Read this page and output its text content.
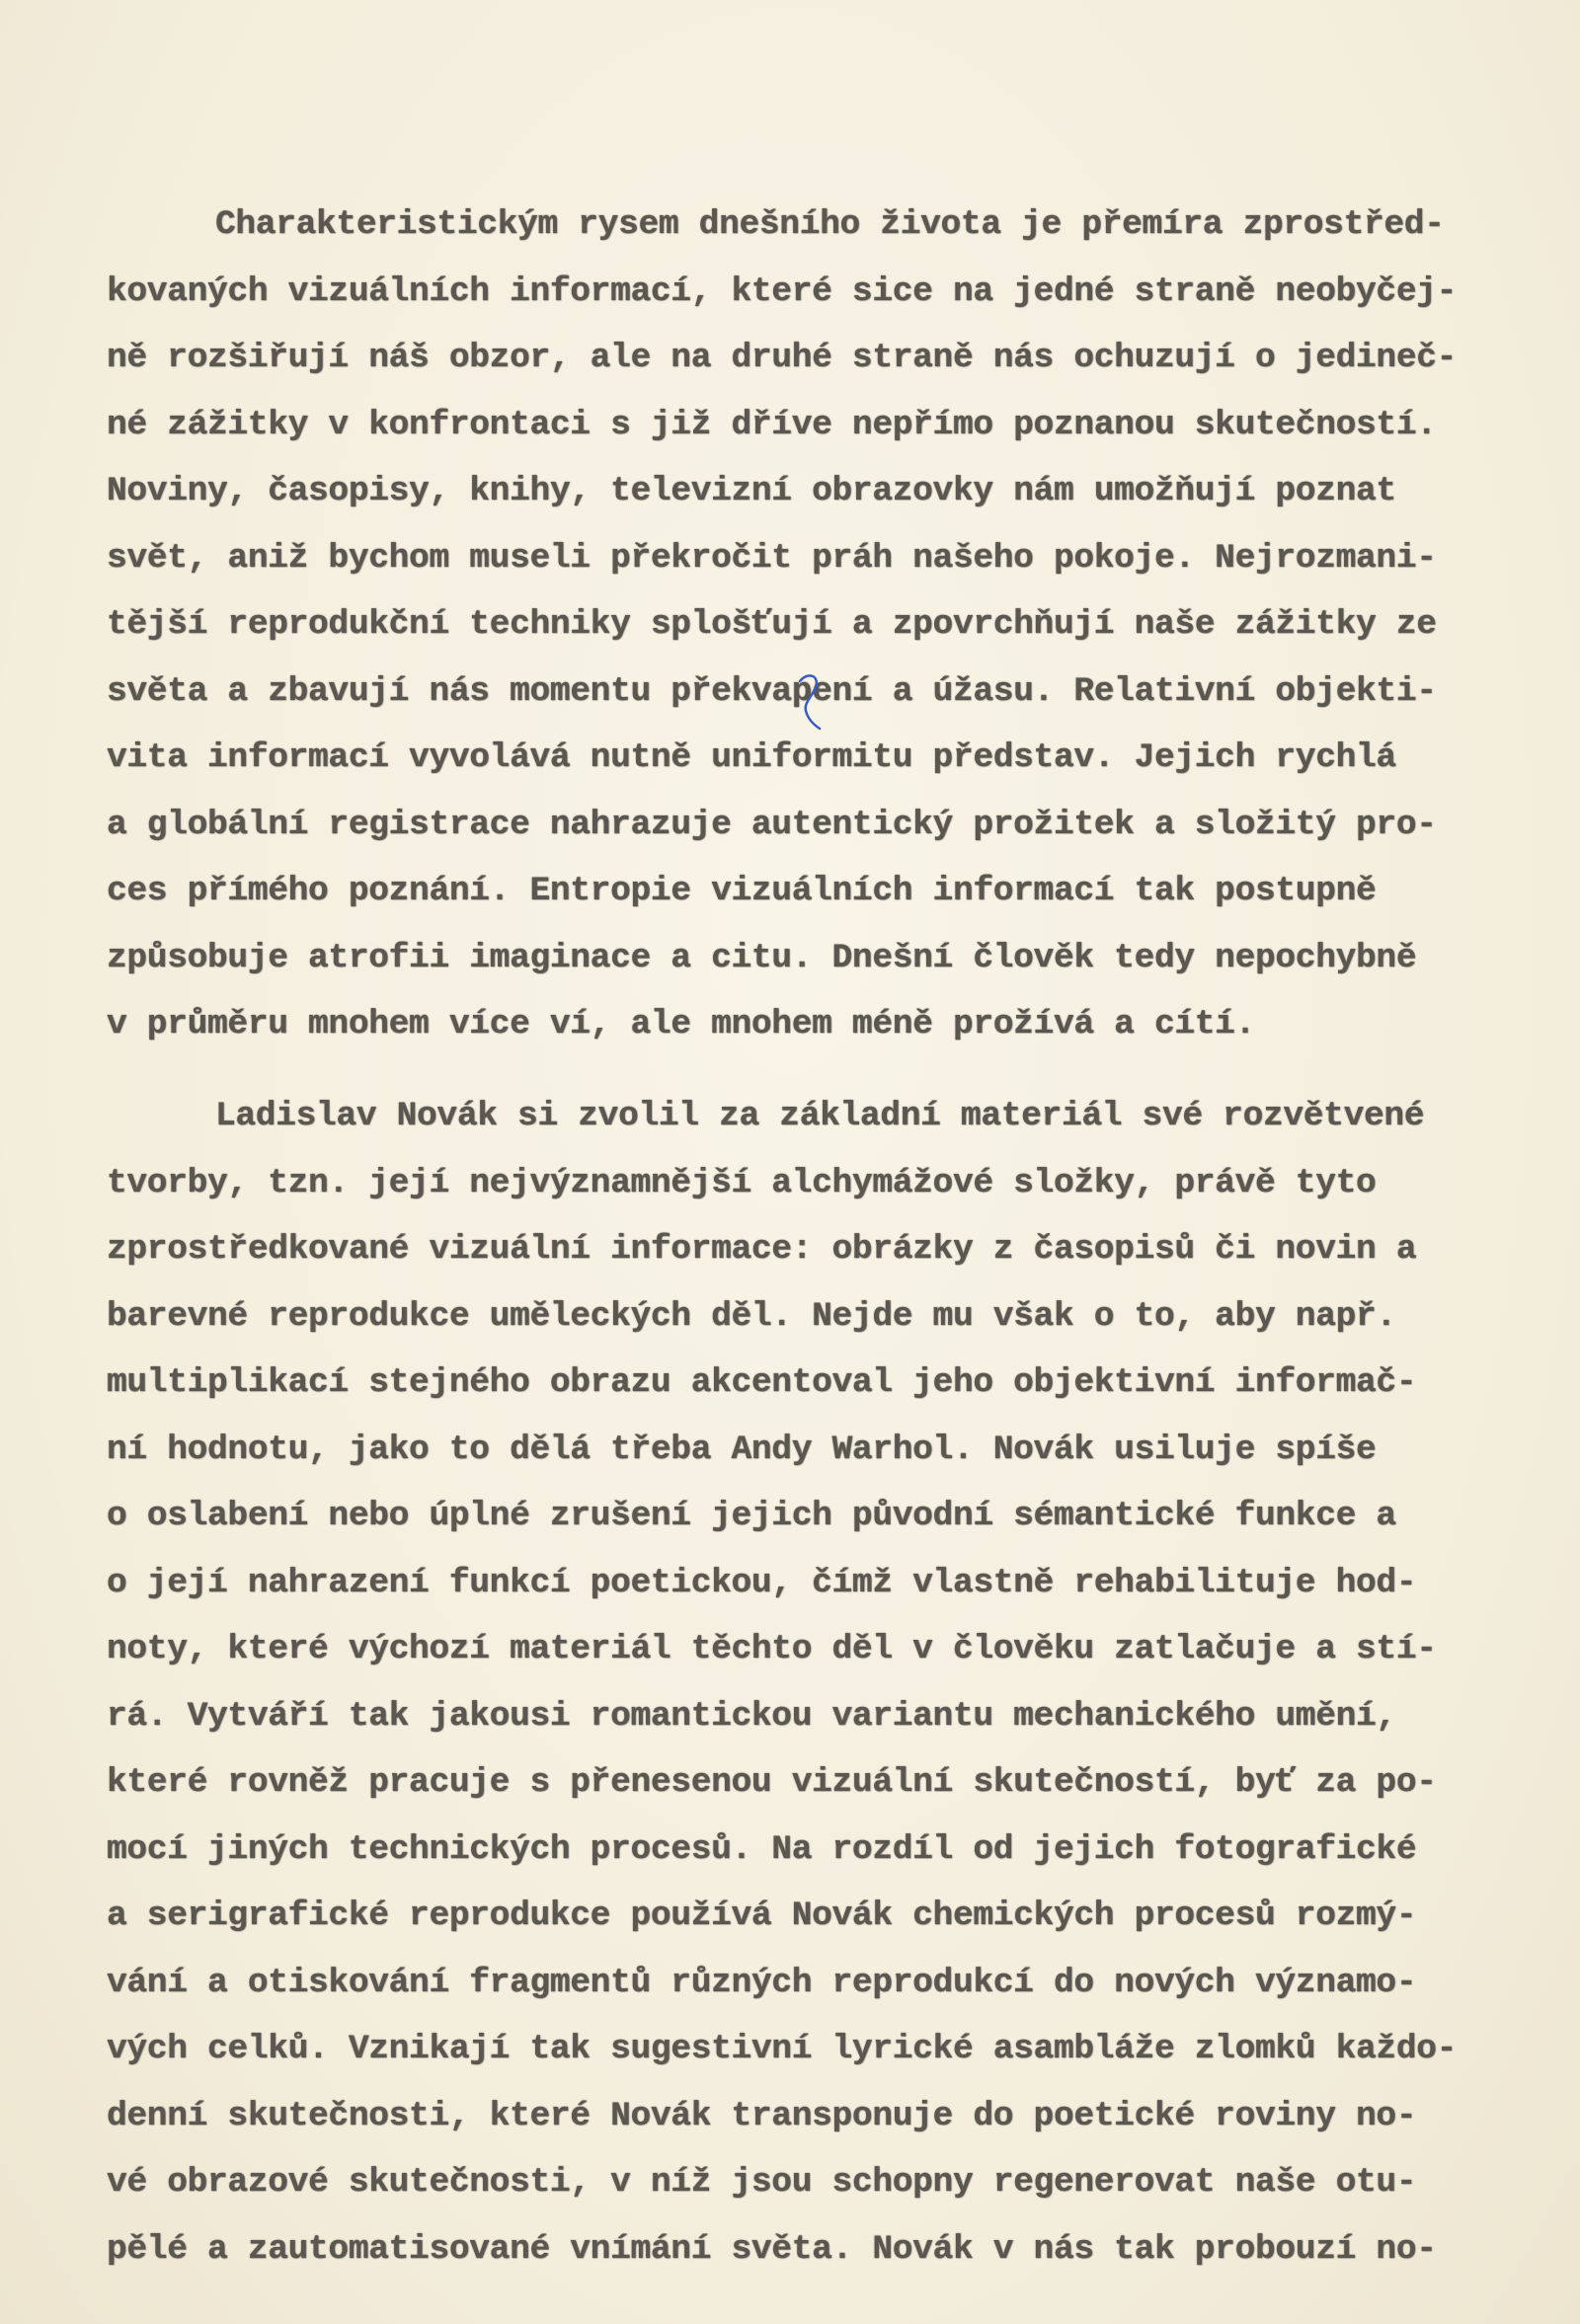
Charakteristickým rysem dnešního života je přemíra zprostřed-
kovaných vizuálních informací, které sice na jedné straně neobyčej-
ně rozšiřují náš obzor, ale na druhé straně nás ochuzují o jedineč-
né zážitky v konfrontaci s již dříve nepřímo poznanou skutečností.
Noviny, časopisy, knihy, televizní obrazovky nám umožňují poznat
svět, aniž bychom museli překročit práh našeho pokoje. Nejrozmani-
tější reprodukční techniky splošťují a zpovrchňují naše zážitky ze
světa a zbavují nás momentu překvapení a úžasu. Relativní objekti-
vita informací vyvolává nutně uniformitu představ. Jejich rychlá
a globální registrace nahrazuje autentický prožitek a složitý pro-
ces přímého poznání. Entropie vizuálních informací tak postupně
způsobuje atrofii imaginace a citu. Dnešní člověk tedy nepochybně
v průměru mnohem více ví, ale mnohem méně prožívá a cítí.
Ladislav Novák si zvolil za základní materiál své rozvětvené
tvorby, tzn. její nejvýznamnější alchymážové složky, právě tyto
zprostředkované vizuální informace: obrázky z časopisů či novin a
barevné reprodukce uměleckých děl. Nejde mu však o to, aby např.
multiplikací stejného obrazu akcentoval jeho objektivní informač-
ní hodnotu, jako to dělá třeba Andy Warhol. Novák usiluje spíše
o oslabení nebo úplné zrušení jejich původní sémantické funkce a
o její nahrazení funkcí poetickou, čímž vlastně rehabilituje hod-
noty, které výchozí materiál těchto děl v člověku zatlačuje a stí-
rá. Vytváří tak jakousi romantickou variantu mechanického umění,
které rovněž pracuje s přenesenou vizuální skutečností, byť za po-
mocí jiných technických procesů. Na rozdíl od jejich fotografické
a serigrafické reprodukce používá Novák chemických procesů rozmý-
vání a otiskování fragmentů různých reprodukcí do nových významo-
vých celků. Vznikají tak sugestivní lyrické asambláže zlomků každo-
denní skutečnosti, které Novák transponuje do poetické roviny no-
vé obrazové skutečnosti, v níž jsou schopny regenerovat naše otu-
pělé a zautomatisované vnímání světa. Novák v nás tak probouzí no-
